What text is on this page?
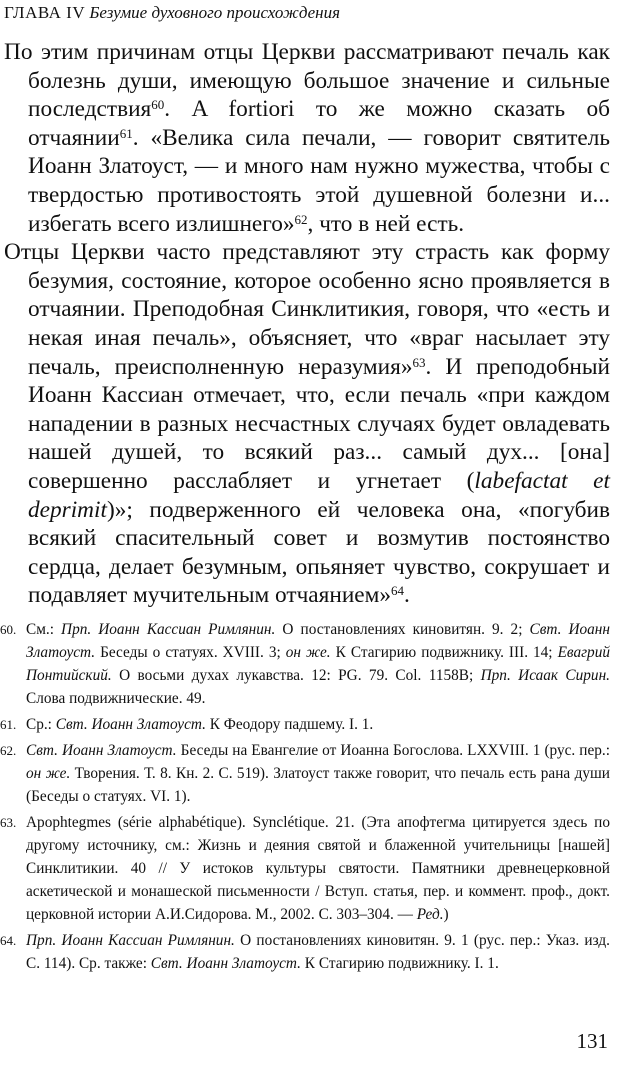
ГЛАВА IV Безумие духовного происхождения

По этим причинам отцы Церкви рассматривают печаль как болезнь души, имеющую большое значение и сильные последствия$^{60}$. A fortiori то же можно сказать об отчаянии$^{61}$. «Велика сила печали, — говорит святитель Иоанн Златоуст, — и много нам нужно мужества, чтобы с твердостью противостоять этой душевной болезни и... избегать всего излишнего»$^{62}$, что в ней есть.

Отцы Церкви часто представляют эту страсть как форму безумия, состояние, которое особенно ясно проявляется в отчаянии. Преподобная Синклитикия, говоря, что «есть и некая иная печаль», объясняет, что «враг насылает эту печаль, преисполненную неразумия»$^{63}$. И преподобный Иоанн Кассиан отмечает, что, если печаль «при каждом нападении в разных несчастных случаях будет овладевать нашей душей, то всякий раз... самый дух... [она] совершенно расслабляет и угнетает (labefactat et deprimit)»; подверженного ей человека она, «погубив всякий спасительный совет и возмутив постоянство сердца, делает безумным, опьяняет чувство, сокрушает и подавляет мучительным отчаянием»$^{64}$.

60. См.: Прп. Иоанн Кассиан Римлянин. О постановлениях киновитян. 9. 2; Свт. Иоанн Златоуст. Беседы о статуях. XVIII. 3; он же. К Стагирию подвижнику. III. 14; Евагрий Понтийский. О восьми духах лукавства. 12: PG. 79. Col. 1158B; Прп. Исаак Сирин. Слова подвижнические. 49.
61. Ср.: Свт. Иоанн Златоуст. К Феодору падшему. I. 1.
62. Свт. Иоанн Златоуст. Беседы на Евангелие от Иоанна Богослова. LXXVIII. 1 (рус. пер.: он же. Творения. Т. 8. Кн. 2. С. 519). Златоуст также говорит, что печаль есть рана души (Беседы о статуях. VI. 1).
63. Apophtegmes (série alphabétique). Synclétique. 21. (Эта апофтегма цитируется здесь по другому источнику, см.: Жизнь и деяния святой и блаженной учительницы [нашей] Синклитикии. 40 // У истоков культуры святости. Памятники древнецерковной аскетической и монашеской письменности / Вступ. статья, пер. и коммент. проф., докт. церковной истории А.И.Сидорова. М., 2002. С. 303–304. — Ред.)
64. Прп. Иоанн Кассиан Римлянин. О постановлениях киновитян. 9. 1 (рус. пер.: Указ. изд. С. 114). Ср. также: Свт. Иоанн Златоуст. К Стагирию подвижнику. I. 1.
131
